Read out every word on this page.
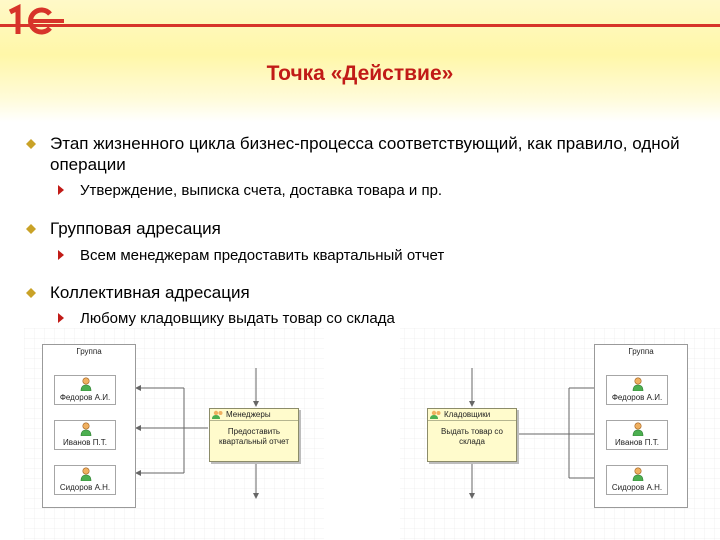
1С
Точка «Действие»
Этап жизненного цикла бизнес-процесса соответствующий, как правило, одной операции
Утверждение, выписка счета, доставка товара и пр.
Групповая адресация
Всем менеджерам предоставить квартальный отчет
Коллективная адресация
Любому кладовщику выдать товар со склада
Группа
Федоров А.И.
Иванов П.Т.
Сидоров А.Н.
Менеджеры
Предоставить квартальный отчет
Кладовщики
Выдать товар со склада
Группа
Федоров А.И.
Иванов П.Т.
Сидоров А.Н.
